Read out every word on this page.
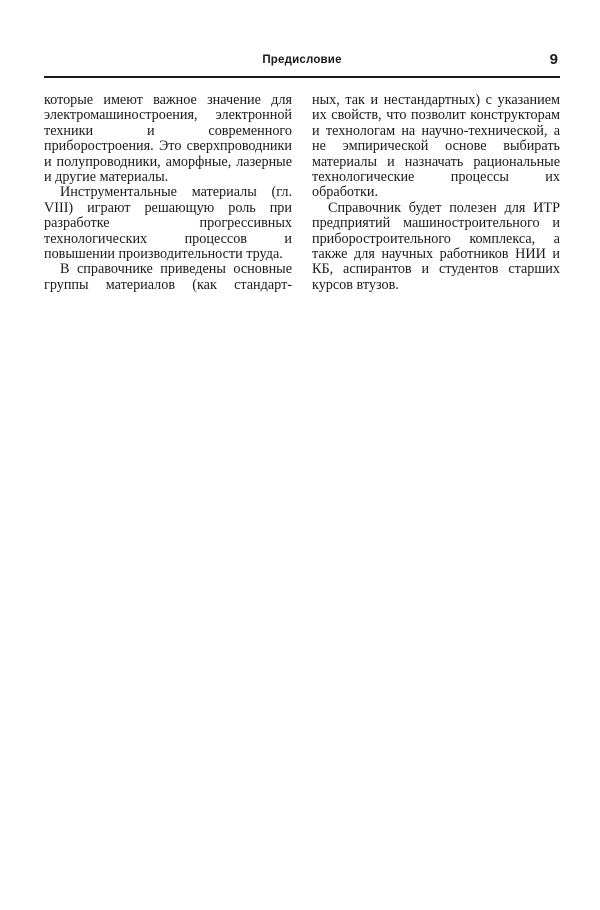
Предисловие	9

которые имеют важное значение для электромашиностроения, электронной техники и современного приборостроения. Это сверхпроводники и полупроводники, аморфные, лазерные и другие материалы.

Инструментальные материалы (гл. VIII) играют решающую роль при разработке прогрессивных технологических процессов и повышении производительности труда.

В справочнике приведены основные группы материалов (как стандарт-

ных, так и нестандартных) с указанием их свойств, что позволит конструкторам и технологам на научно-технической, а не эмпирической основе выбирать материалы и назначать рациональные технологические процессы их обработки.

Справочник будет полезен для ИТР предприятий машиностроительного и приборостроительного комплекса, а также для научных работников НИИ и КБ, аспирантов и студентов старших курсов втузов.
